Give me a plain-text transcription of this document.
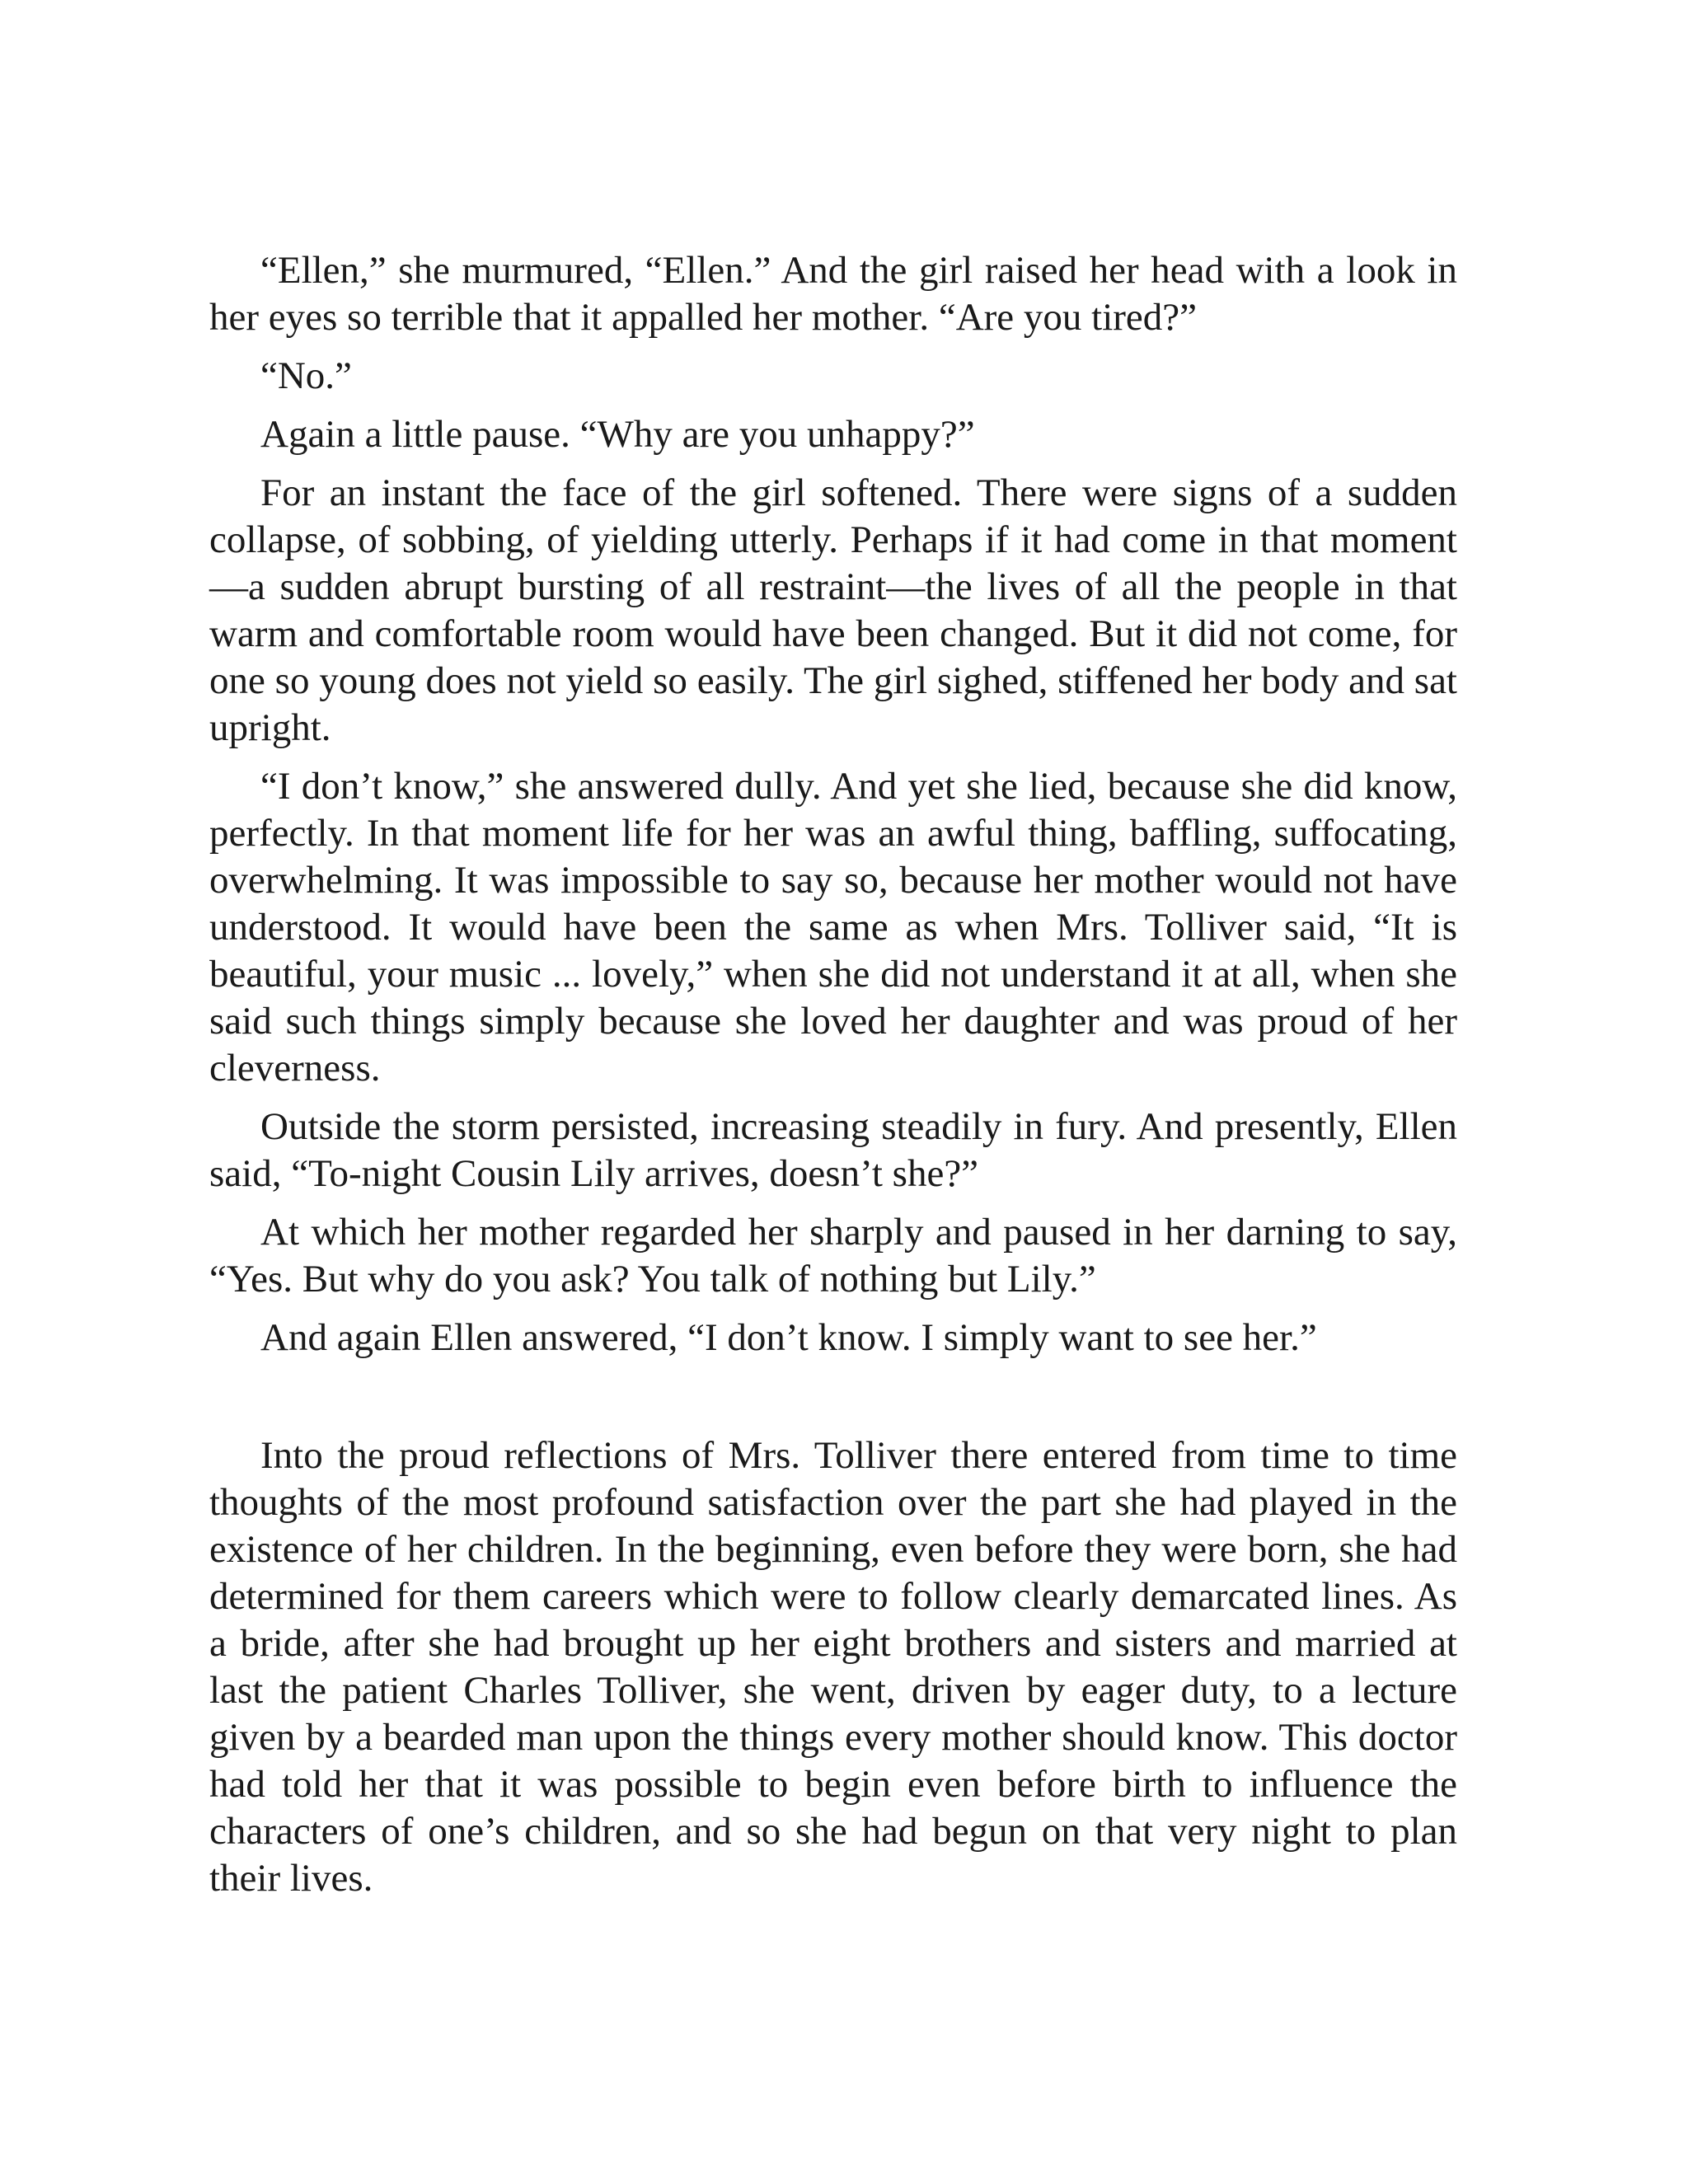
“Ellen,” she murmured, “Ellen.” And the girl raised her head with a look in her eyes so terrible that it appalled her mother. “Are you tired?”

“No.”

Again a little pause. “Why are you unhappy?”

For an instant the face of the girl softened. There were signs of a sudden collapse, of sobbing, of yielding utterly. Perhaps if it had come in that moment—a sudden abrupt bursting of all restraint—the lives of all the people in that warm and comfortable room would have been changed. But it did not come, for one so young does not yield so easily. The girl sighed, stiffened her body and sat upright.

“I don’t know,” she answered dully. And yet she lied, because she did know, perfectly. In that moment life for her was an awful thing, baffling, suffocating, overwhelming. It was impossible to say so, because her mother would not have understood. It would have been the same as when Mrs. Tolliver said, “It is beautiful, your music ... lovely,” when she did not understand it at all, when she said such things simply because she loved her daughter and was proud of her cleverness.

Outside the storm persisted, increasing steadily in fury. And presently, Ellen said, “To-night Cousin Lily arrives, doesn’t she?”

At which her mother regarded her sharply and paused in her darning to say, “Yes. But why do you ask? You talk of nothing but Lily.”

And again Ellen answered, “I don’t know. I simply want to see her.”

Into the proud reflections of Mrs. Tolliver there entered from time to time thoughts of the most profound satisfaction over the part she had played in the existence of her children. In the beginning, even before they were born, she had determined for them careers which were to follow clearly demarcated lines. As a bride, after she had brought up her eight brothers and sisters and married at last the patient Charles Tolliver, she went, driven by eager duty, to a lecture given by a bearded man upon the things every mother should know. This doctor had told her that it was possible to begin even before birth to influence the characters of one’s children, and so she had begun on that very night to plan their lives.
